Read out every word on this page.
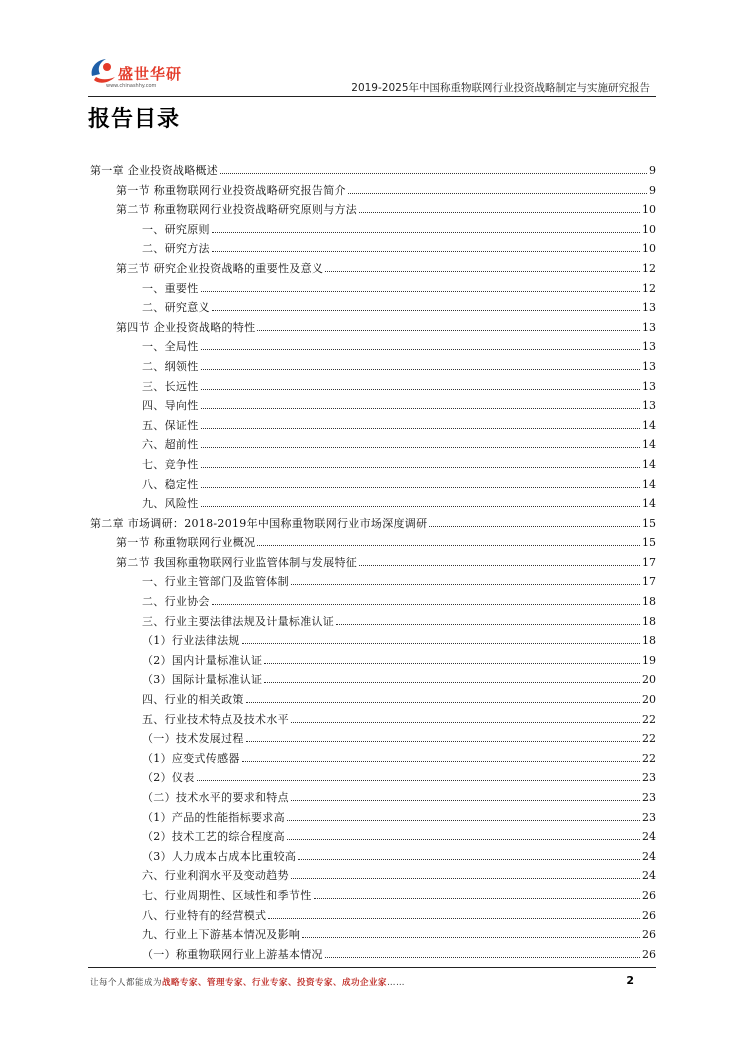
盛世华研
www.chinashhy.com	2019-2025年中国称重物联网行业投资战略制定与实施研究报告
报告目录
第一章 企业投资战略概述	9
第一节 称重物联网行业投资战略研究报告简介	9
第二节 称重物联网行业投资战略研究原则与方法	10
一、研究原则	10
二、研究方法	10
第三节 研究企业投资战略的重要性及意义	12
一、重要性	12
二、研究意义	13
第四节 企业投资战略的特性	13
一、全局性	13
二、纲领性	13
三、长远性	13
四、导向性	13
五、保证性	14
六、超前性	14
七、竞争性	14
八、稳定性	14
九、风险性	14
第二章 市场调研：2018-2019年中国称重物联网行业市场深度调研	15
第一节 称重物联网行业概况	15
第二节 我国称重物联网行业监管体制与发展特征	17
一、行业主管部门及监管体制	17
二、行业协会	18
三、行业主要法律法规及计量标准认证	18
（1）行业法律法规	18
（2）国内计量标准认证	19
（3）国际计量标准认证	20
四、行业的相关政策	20
五、行业技术特点及技术水平	22
（一）技术发展过程	22
（1）应变式传感器	22
（2）仪表	23
（二）技术水平的要求和特点	23
（1）产品的性能指标要求高	23
（2）技术工艺的综合程度高	24
（3）人力成本占成本比重较高	24
六、行业利润水平及变动趋势	24
七、行业周期性、区域性和季节性	26
八、行业特有的经营模式	26
九、行业上下游基本情况及影响	26
（一）称重物联网行业上游基本情况	26
让每个人都能成为战略专家、管理专家、行业专家、投资专家、成功企业家……	2
